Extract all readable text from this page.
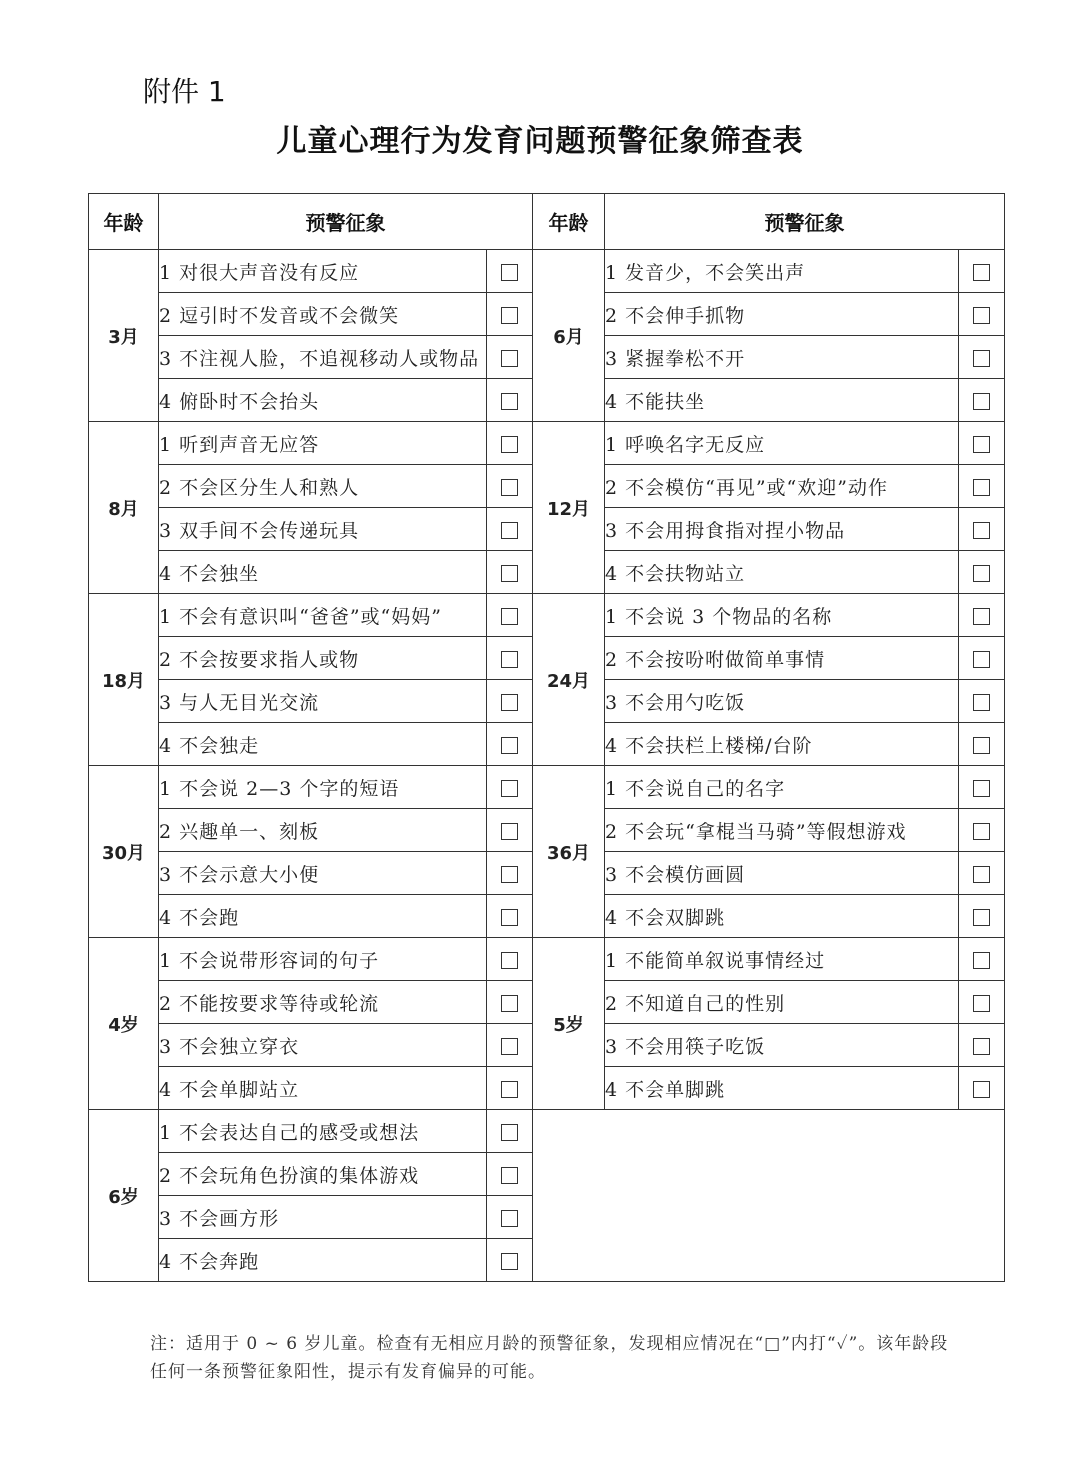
附件 1
儿童心理行为发育问题预警征象筛查表
年龄	预警征象		年龄	预警征象	
3月	1 对很大声音没有反应		6月	1 发音少，不会笑出声	
	2 逗引时不发音或不会微笑			2 不会伸手抓物	
	3 不注视人脸，不追视移动人或物品			3 紧握拳松不开	
	4 俯卧时不会抬头			4 不能扶坐	
8月	1 听到声音无应答		12月	1 呼唤名字无反应	
	2 不会区分生人和熟人			2 不会模仿“再见”或“欢迎”动作	
	3 双手间不会传递玩具			3 不会用拇食指对捏小物品	
	4 不会独坐			4 不会扶物站立	
18月	1 不会有意识叫“爸爸”或“妈妈”		24月	1 不会说 3 个物品的名称	
	2 不会按要求指人或物			2 不会按吩咐做简单事情	
	3 与人无目光交流			3 不会用勺吃饭	
	4 不会独走			4 不会扶栏上楼梯/台阶	
30月	1 不会说 2—3 个字的短语		36月	1 不会说自己的名字	
	2 兴趣单一、刻板			2 不会玩“拿棍当马骑”等假想游戏	
	3 不会示意大小便			3 不会模仿画圆	
	4 不会跑			4 不会双脚跳	
4岁	1 不会说带形容词的句子		5岁	1 不能简单叙说事情经过	
	2 不能按要求等待或轮流			2 不知道自己的性别	
	3 不会独立穿衣			3 不会用筷子吃饭	
	4 不会单脚站立			4 不会单脚跳	
6岁	1 不会表达自己的感受或想法				
	2 不会玩角色扮演的集体游戏				
	3 不会画方形				
	4 不会奔跑				
注：适用于 0 ~ 6 岁儿童。检查有无相应月龄的预警征象，发现相应情况在“□”内打“✓”。该年龄段任何一条预警征象阳性，提示有发育偏异的可能。
